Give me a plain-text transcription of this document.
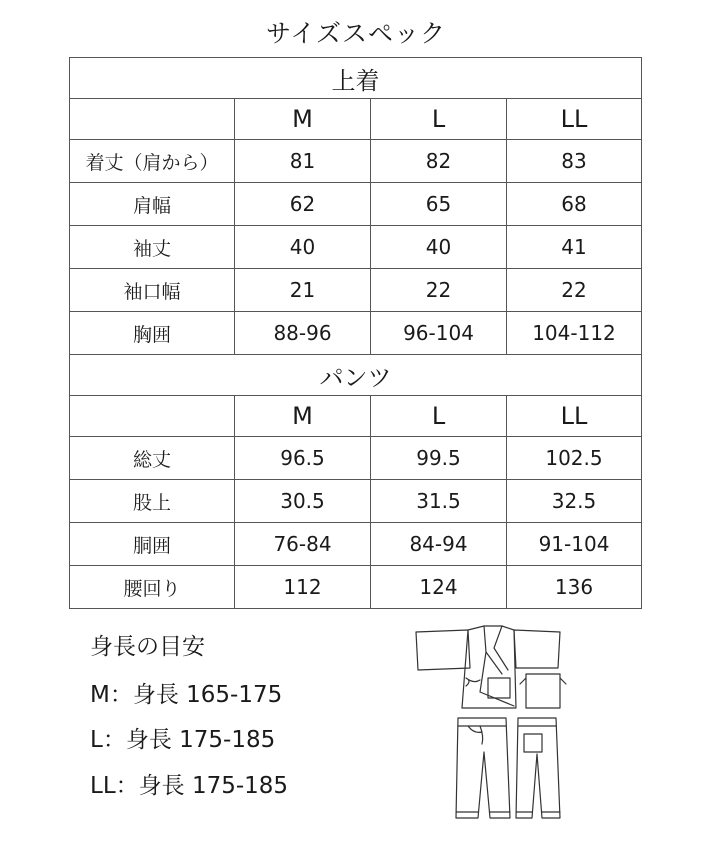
サイズスペック
上着			
	M	L	LL
着丈（肩から）	81	82	83
肩幅	62	65	68
袖丈	40	40	41
袖口幅	21	22	22
胸囲	88-96	96-104	104-112
パンツ			
	M	L	LL
総丈	96.5	99.5	102.5
股上	30.5	31.5	32.5
胴囲	76-84	84-94	91-104
腰回り	112	124	136
身長の目安
M：身長 165-175
L：身長 175-185
LL：身長 175-185
